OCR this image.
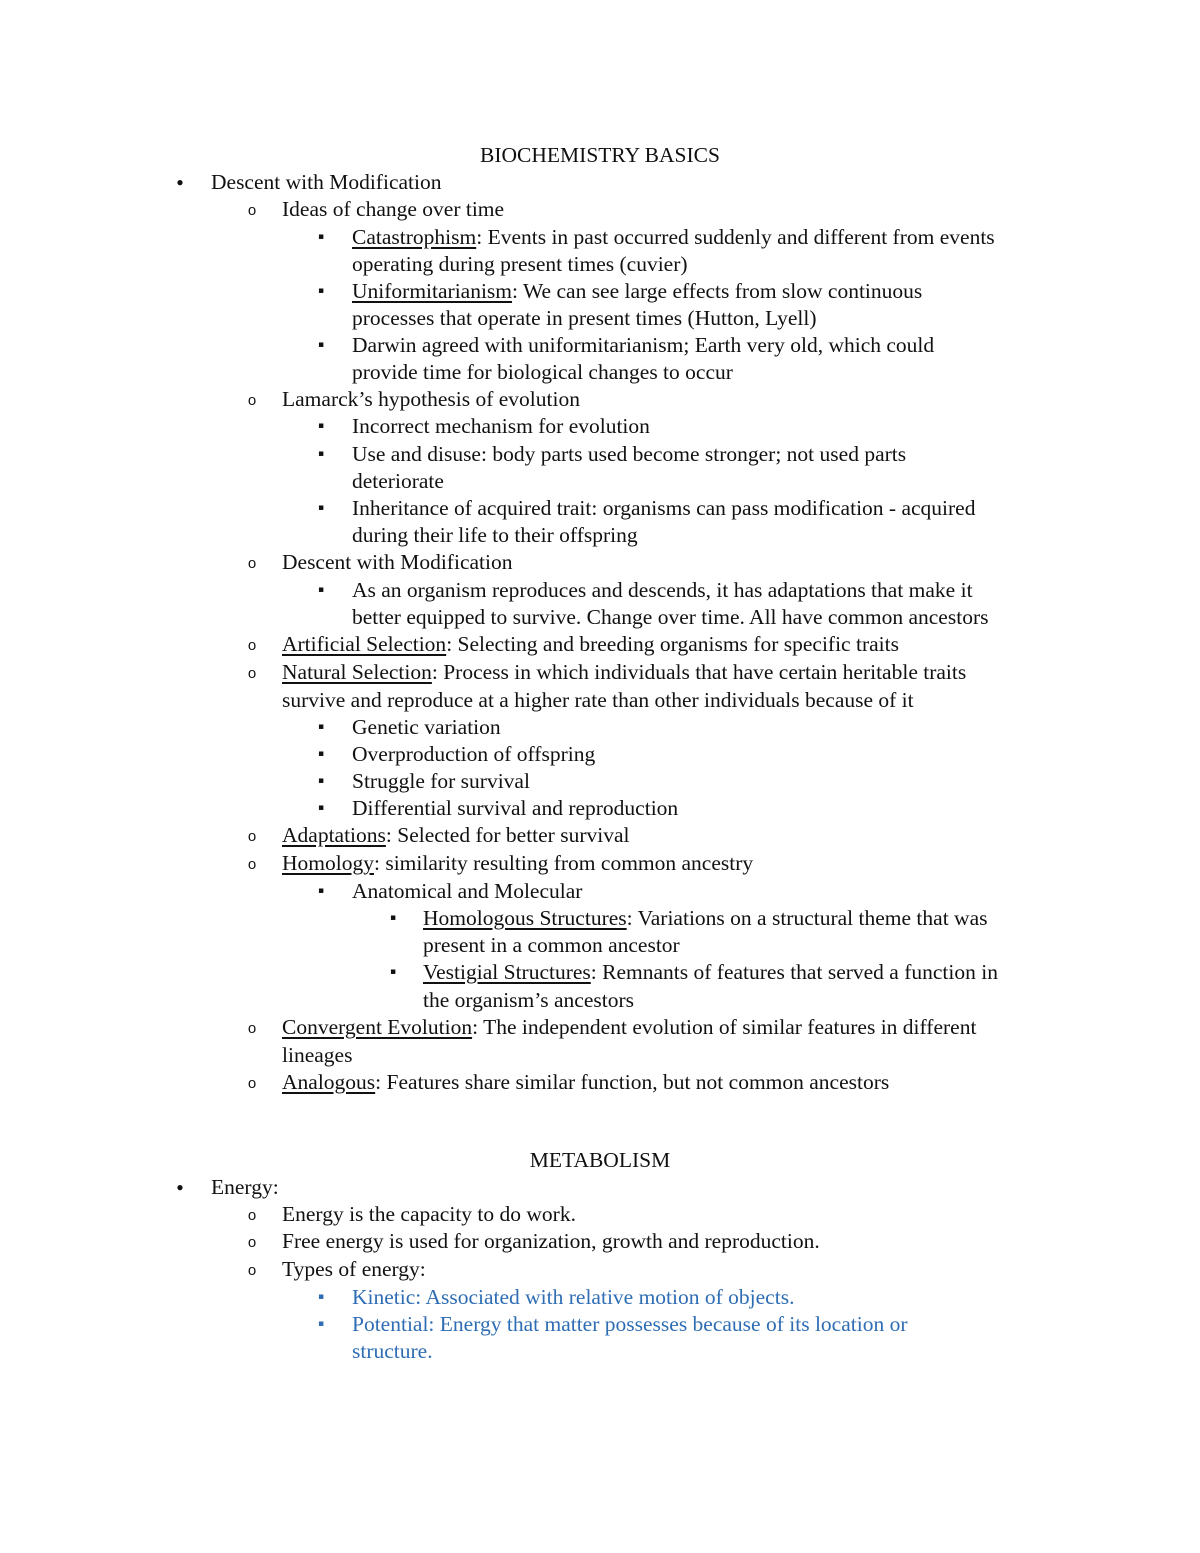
BIOCHEMISTRY BASICS
• Descent with Modification
o Ideas of change over time
▪	Catastrophism: Events in past occurred suddenly and different from events
operating during present times (cuvier)
▪	Uniformitarianism: We can see large effects from slow continuous
processes that operate in present times (Hutton, Lyell)
▪	Darwin agreed with uniformitarianism; Earth very old, which could
provide time for biological changes to occur
o Lamarck’s hypothesis of evolution
▪	Incorrect mechanism for evolution
▪	Use and disuse: body parts used become stronger; not used parts
deteriorate
▪	Inheritance of acquired trait: organisms can pass modification - acquired
during their life to their offspring
o Descent with Modification
▪	As an organism reproduces and descends, it has adaptations that make it
better equipped to survive. Change over time. All have common ancestors
o Artificial Selection: Selecting and breeding organisms for specific traits
o Natural Selection: Process in which individuals that have certain heritable traits
survive and reproduce at a higher rate than other individuals because of it
▪	Genetic variation
▪	Overproduction of offspring
▪	Struggle for survival
▪	Differential survival and reproduction
o Adaptations: Selected for better survival
o Homology: similarity resulting from common ancestry
▪	Anatomical and Molecular
▪	Homologous Structures: Variations on a structural theme that was
present in a common ancestor
▪	Vestigial Structures: Remnants of features that served a function in
the organism’s ancestors
o Convergent Evolution: The independent evolution of similar features in different
lineages
o Analogous: Features share similar function, but not common ancestors
METABOLISM
• Energy:
o Energy is the capacity to do work.
o Free energy is used for organization, growth and reproduction.
o Types of energy:
▪	Kinetic: Associated with relative motion of objects.
▪	Potential: Energy that matter possesses because of its location or
structure.
